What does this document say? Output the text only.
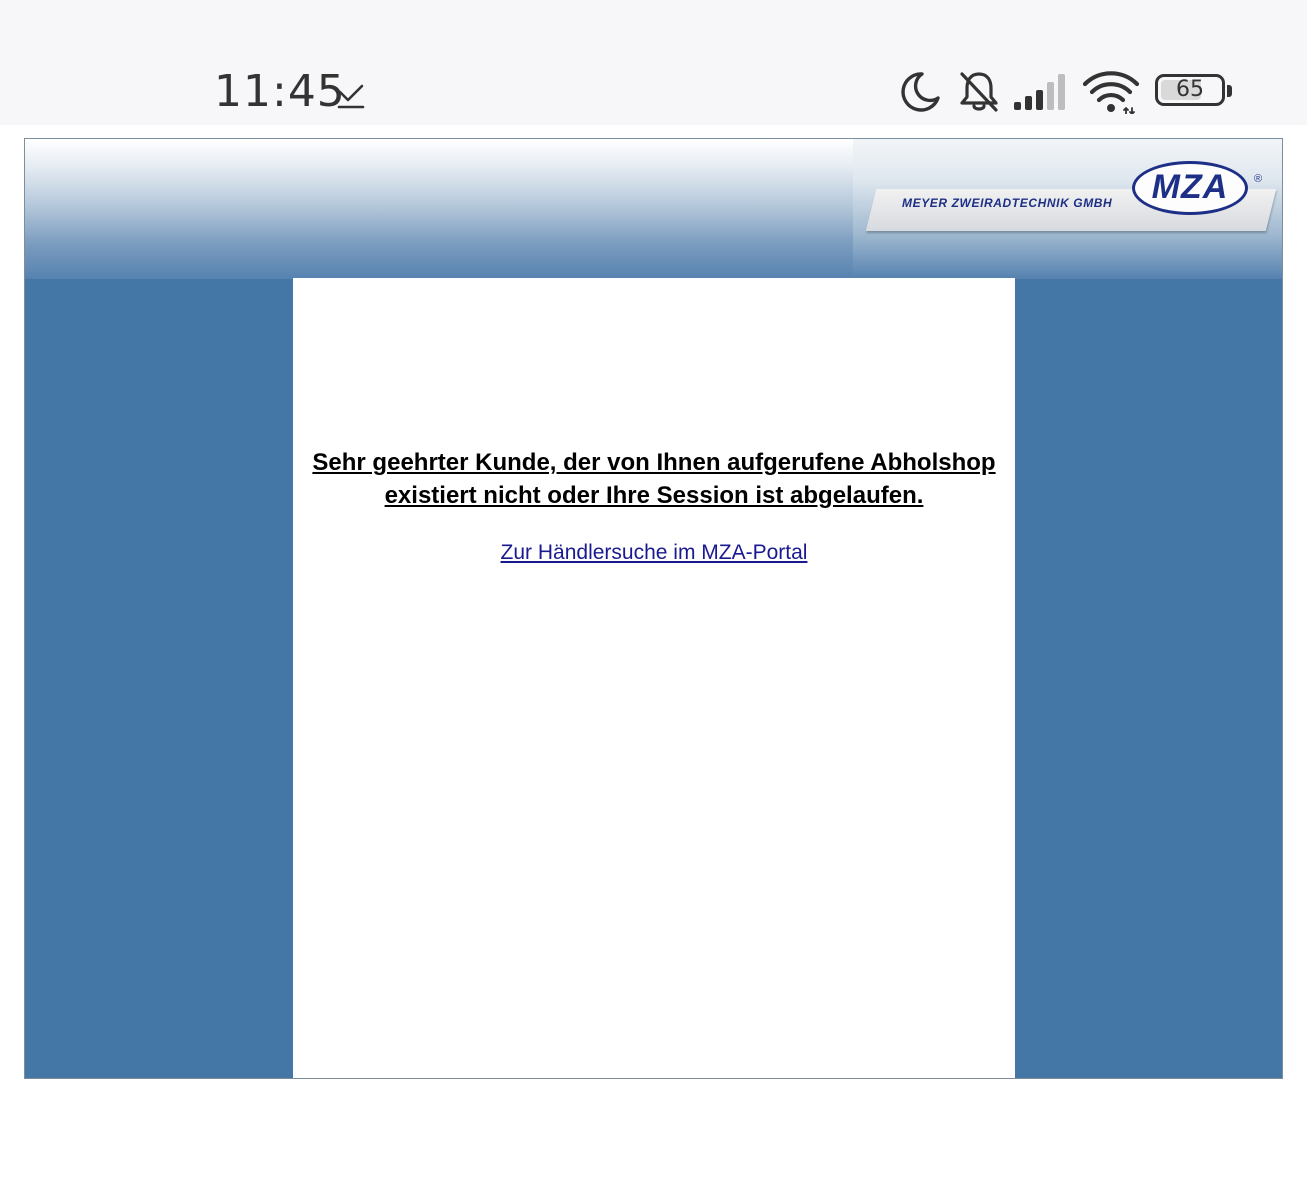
11:45	65
MEYER ZWEIRADTECHNIK GMBH	MZA	®

Sehr geehrter Kunde, der von Ihnen aufgerufene Abholshop existiert nicht oder Ihre Session ist abgelaufen.

Zur Händlersuche im MZA-Portal
